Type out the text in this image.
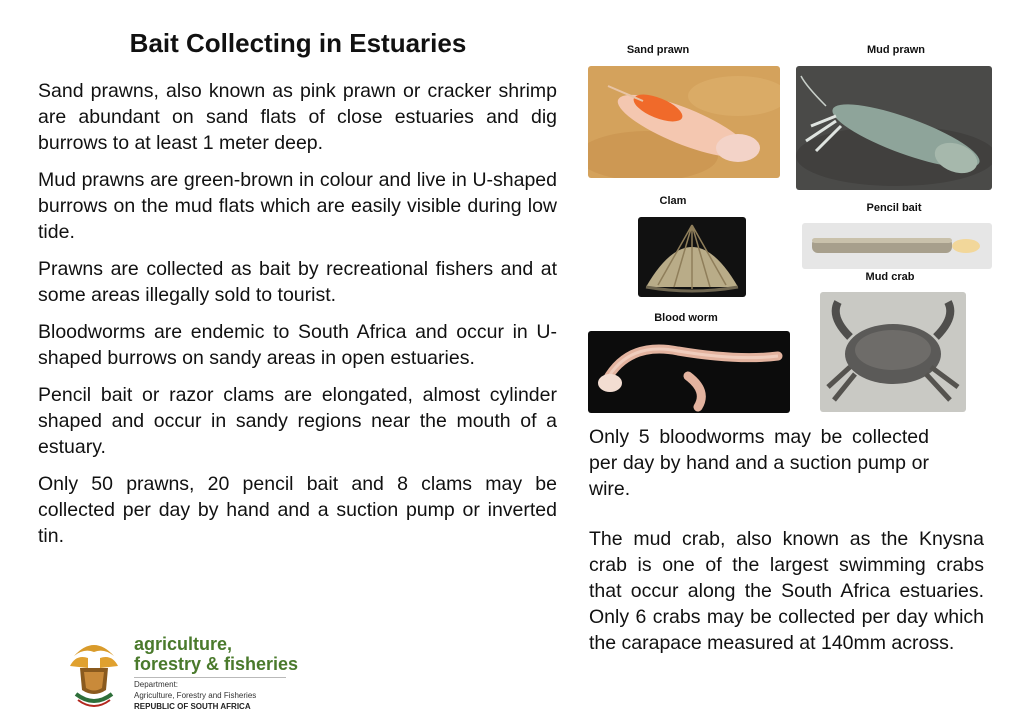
Bait Collecting in Estuaries

Sand prawns, also known as pink prawn or cracker shrimp are abundant on sand flats of close estuaries and dig burrows to at least 1 meter deep.

Mud prawns are green-brown in colour and live in U-shaped burrows on the mud flats which are easily visible during low tide.

Prawns are collected as bait by recreational fishers and at some areas illegally sold to tourist.

Bloodworms are endemic to South Africa and occur in U-shaped burrows on sandy areas in open estuaries.

Pencil bait or razor clams are elongated, almost cylinder shaped and occur in sandy regions near the mouth of a estuary.

Only 50 prawns, 20 pencil bait and 8 clams may be collected per day by hand and a suction pump or inverted tin.

Sand prawn	Mud prawn
Clam
Pencil bait
Mud crab
Blood worm

Only 5 bloodworms may be collected per day by hand and a suction pump or wire.

The mud crab, also known as the Knysna crab is one of the largest swimming crabs that occur along the South Africa estuaries. Only 6 crabs may be collected per day which the carapace measured at 140mm across.

agriculture,
forestry & fisheries
Department:
Agriculture, Forestry and Fisheries
REPUBLIC OF SOUTH AFRICA
